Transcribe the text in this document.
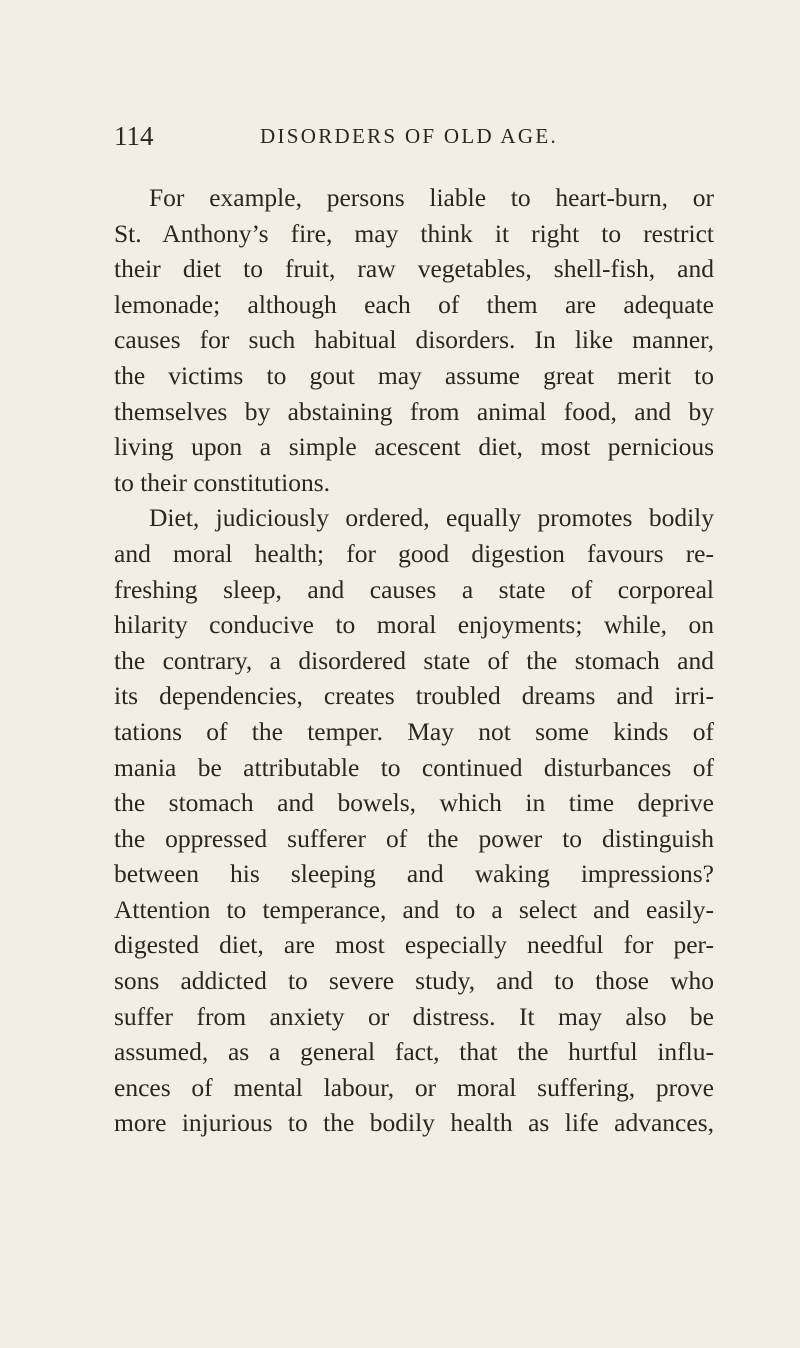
114	DISORDERS OF OLD AGE.
For example, persons liable to heart-burn, or
St. Anthony’s fire, may think it right to restrict
their diet to fruit, raw vegetables, shell-fish, and
lemonade; although each of them are adequate
causes for such habitual disorders. In like manner,
the victims to gout may assume great merit to
themselves by abstaining from animal food, and by
living upon a simple acescent diet, most pernicious
to their constitutions.
Diet, judiciously ordered, equally promotes bodily
and moral health; for good digestion favours re-
freshing sleep, and causes a state of corporeal
hilarity conducive to moral enjoyments; while, on
the contrary, a disordered state of the stomach and
its dependencies, creates troubled dreams and irri-
tations of the temper. May not some kinds of
mania be attributable to continued disturbances of
the stomach and bowels, which in time deprive
the oppressed sufferer of the power to distinguish
between his sleeping and waking impressions?
Attention to temperance, and to a select and easily-
digested diet, are most especially needful for per-
sons addicted to severe study, and to those who
suffer from anxiety or distress. It may also be
assumed, as a general fact, that the hurtful influ-
ences of mental labour, or moral suffering, prove
more injurious to the bodily health as life advances,
